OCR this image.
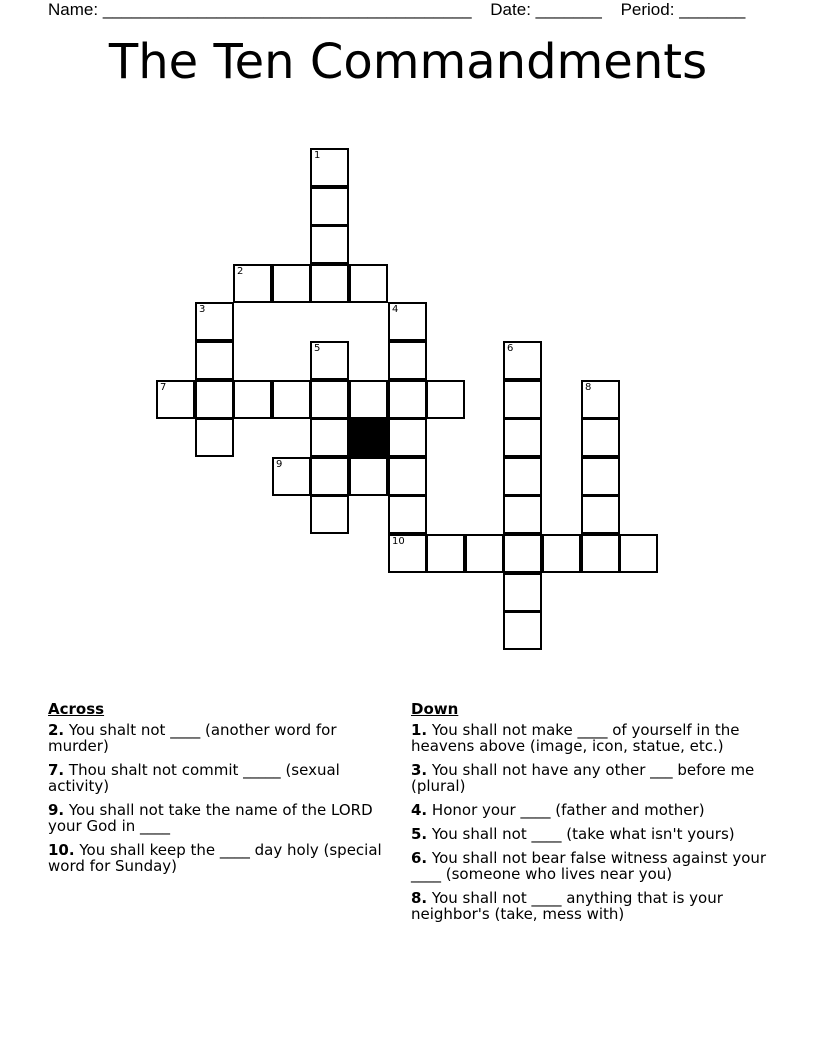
Name: _______________________________________ Date: _______ Period: _______
The Ten Commandments
1
2
3	4
5	6
7	8
9
10
Across
2. You shalt not ____ (another word for murder)
7. Thou shalt not commit _____ (sexual activity)
9. You shall not take the name of the LORD your God in ____
10. You shall keep the ____ day holy (special word for Sunday)
Down
1. You shall not make ____ of yourself in the heavens above (image, icon, statue, etc.)
3. You shall not have any other ___ before me (plural)
4. Honor your ____ (father and mother)
5. You shall not ____ (take what isn't yours)
6. You shall not bear false witness against your ____ (someone who lives near you)
8. You shall not ____ anything that is your neighbor's (take, mess with)
